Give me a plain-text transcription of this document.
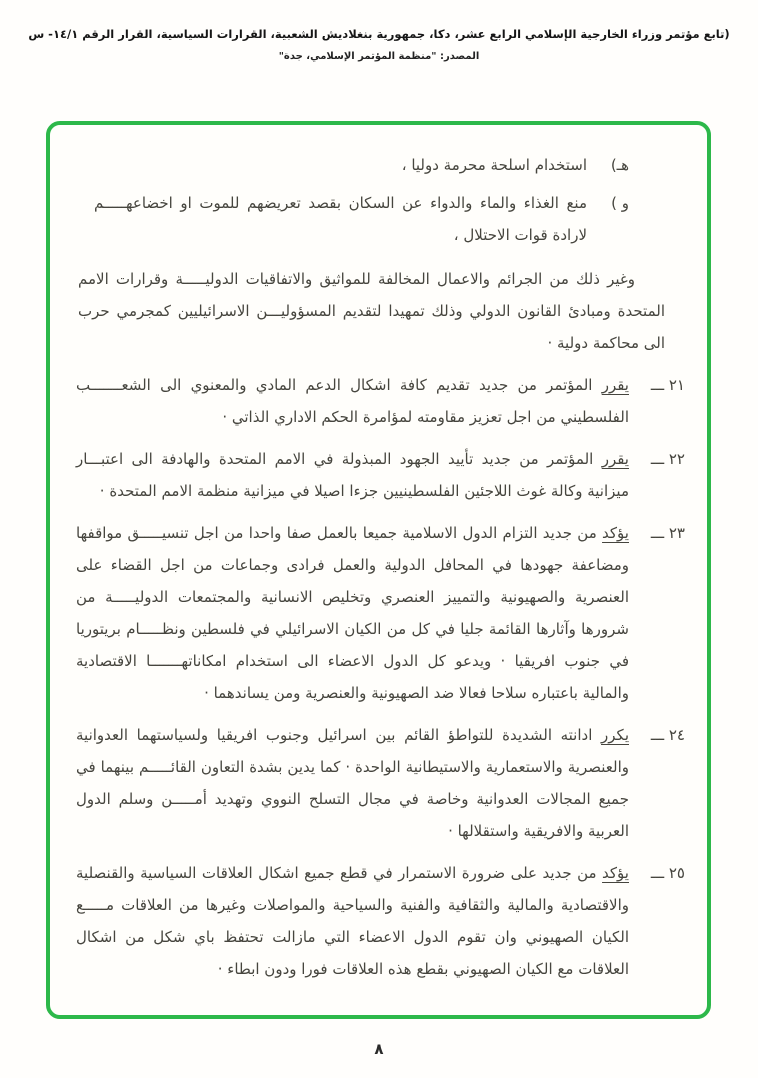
(تابع مؤتمر وزراء الخارجية الإسلامي الرابع عشر، دكا، جمهورية بنغلاديش الشعبية، القرارات السياسية، القرار الرقم ١٤/١- س
المصدر: "منظمة المؤتمر الإسلامي، جدة"
هـ)
استخدام اسلحة محرمة دوليا ،
و )
منع الغذاء والماء والدواء عن السكان بقصد تعريضهم للموت او اخضاعهـــــم لارادة قوات الاحتلال ،
وغير ذلك من الجرائم والاعمال المخالفة للمواثيق والاتفاقيات الدوليـــــة وقرارات الامم المتحدة ومبادئ القانون الدولي وذلك تمهيدا لتقديم المسؤوليـــن الاسرائيليين كمجرمي حرب الى محاكمة دولية ·
٢١ ـــ
يقرر المؤتمر من جديد تقديم كافة اشكال الدعم المادي والمعنوي الى الشعـــــــب الفلسطيني من اجل تعزيز مقاومته لمؤامرة الحكم الاداري الذاتي ·
٢٢ ـــ
يقرر المؤتمر من جديد تأييد الجهود المبذولة في الامم المتحدة والهادفة الى اعتبـــار ميزانية وكالة غوث اللاجئين الفلسطينيين جزءا اصيلا في ميزانية منظمة الامم المتحدة ·
٢٣ ـــ
يؤكد من جديد التزام الدول الاسلامية جميعا بالعمل صفا واحدا من اجل تنسيـــــق مواقفها ومضاعفة جهودها في المحافل الدولية والعمل فرادى وجماعات من اجل القضاء على العنصرية والصهيونية والتمييز العنصري وتخليص الانسانية والمجتمعات الدوليـــــة من شرورها وآثارها القائمة جليا في كل من الكيان الاسرائيلي في فلسطين ونظـــــام بريتوريا في جنوب افريقيا · ويدعو كل الدول الاعضاء الى استخدام امكاناتهـــــــا الاقتصادية والمالية باعتباره سلاحا فعالا ضد الصهيونية والعنصرية ومن يساندهما ·
٢٤ ـــ
يكرر ادانته الشديدة للتواطؤ القائم بين اسرائيل وجنوب افريقيا ولسياستهما العدوانية والعنصرية والاستعمارية والاستيطانية الواحدة · كما يدين بشدة التعاون القائـــــم بينهما في جميع المجالات العدوانية وخاصة في مجال التسلح النووي وتهديد أمـــــن وسلم الدول العربية والافريقية واستقلالها ·
٢٥ ـــ
يؤكد من جديد على ضرورة الاستمرار في قطع جميع اشكال العلاقات السياسية والقنصلية والاقتصادية والمالية والثقافية والفنية والسياحية والمواصلات وغيرها من العلاقات مـــــع الكيان الصهيوني وان تقوم الدول الاعضاء التي مازالت تحتفظ باي شكل من اشكال العلاقات مع الكيان الصهيوني بقطع هذه العلاقات فورا ودون ابطاء ·
٨
